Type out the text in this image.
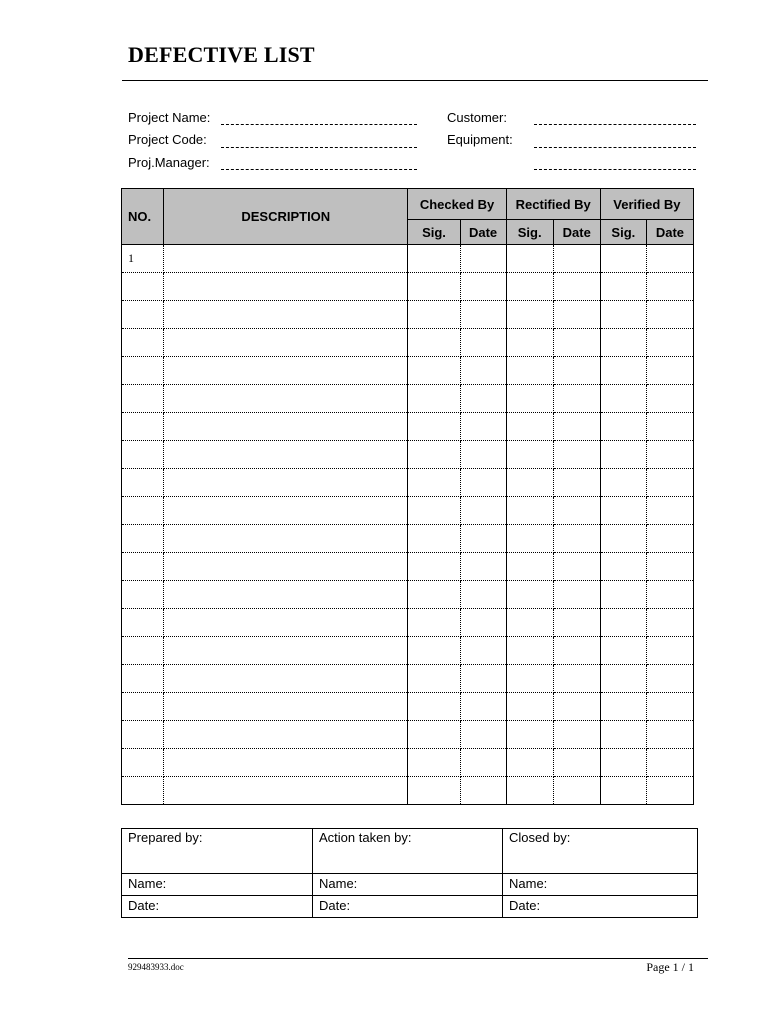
DEFECTIVE LIST
Project Name:
Project Code:
Proj.Manager:
Customer:
Equipment:
NO.	DESCRIPTION	Checked By		Rectified By		Verified By	
		Sig.	Date	Sig.	Date	Sig.	Date
1							

Prepared by:	Action taken by:	Closed by:
Name:	Name:	Name:
Date:	Date:	Date:
929483933.doc	Page 1 / 1
